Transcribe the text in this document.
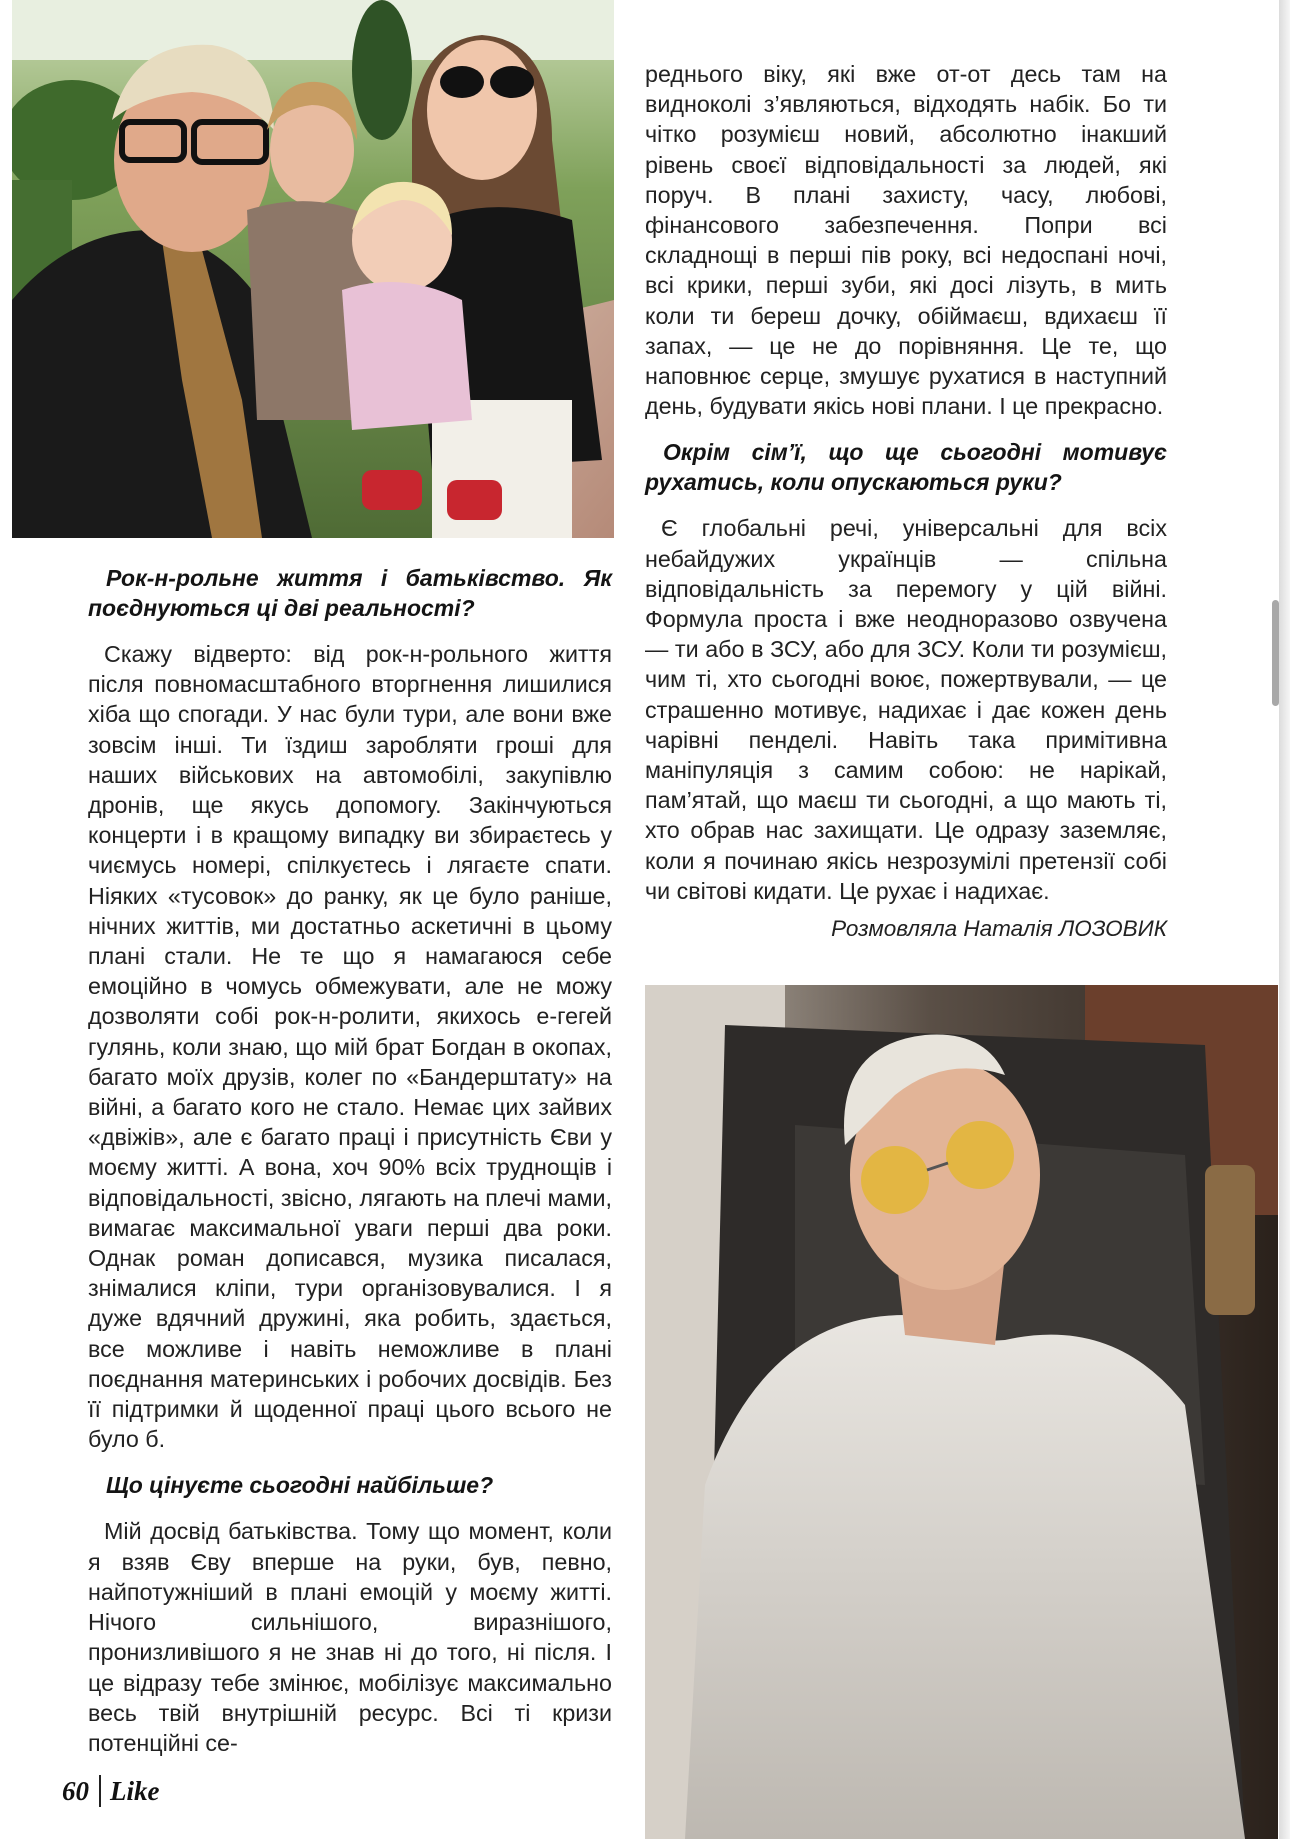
Рок-н-рольне життя і батьківство. Як поєднуються ці дві реальності?

Скажу відверто: від рок-н-рольного життя після повномасштабного вторгнення лишилися хіба що спогади. У нас були тури, але вони вже зовсім інші. Ти їздиш заробляти гроші для наших військових на автомобілі, закупівлю дронів, ще якусь допомогу. Закінчуються концерти і в кращому випадку ви збираєтесь у чиємусь номері, спілкуєтесь і лягаєте спати. Ніяких «тусовок» до ранку, як це було раніше, нічних життів, ми достатньо аскетичні в цьому плані стали. Не те що я намагаюся себе емоційно в чомусь обмежувати, але не можу дозволяти собі рок-н-ролити, якихось е-гегей гулянь, коли знаю, що мій брат Богдан в окопах, багато моїх друзів, колег по «Бандерштату» на війні, а багато кого не стало. Немає цих зайвих «двіжів», але є багато праці і присутність Єви у моєму житті. А вона, хоч 90% всіх труднощів і відповідальності, звісно, лягають на плечі мами, вимагає максимальної уваги перші два роки. Однак роман дописався, музика писалася, знімалися кліпи, тури організовувалися. І я дуже вдячний дружині, яка робить, здається, все можливе і навіть неможливе в плані поєднання материнських і робочих досвідів. Без її підтримки й щоденної праці цього всього не було б.

Що цінуєте сьогодні найбільше?

Мій досвід батьківства. Тому що момент, коли я взяв Єву вперше на руки, був, певно, найпотужніший в плані емоцій у моєму житті. Нічого сильнішого, виразнішого, пронизливішого я не знав ні до того, ні після. І це відразу тебе змінює, мобілізує максимально весь твій внутрішній ресурс. Всі ті кризи потенційні се-

реднього віку, які вже от-от десь там на видноколі з’являються, відходять набік. Бо ти чітко розумієш новий, абсолютно інакший рівень своєї відповідальності за людей, які поруч. В плані захисту, часу, любові, фінансового забезпечення. Попри всі складнощі в перші пів року, всі недоспані ночі, всі крики, перші зуби, які досі лізуть, в мить коли ти береш дочку, обіймаєш, вдихаєш її запах, — це не до порівняння. Це те, що наповнює серце, змушує рухатися в наступний день, будувати якісь нові плани. І це прекрасно.

Окрім сім’ї, що ще сьогодні мотивує рухатись, коли опускаються руки?

Є глобальні речі, універсальні для всіх небайдужих українців — спільна відповідальність за перемогу у цій війні. Формула проста і вже неодноразово озвучена — ти або в ЗСУ, або для ЗСУ. Коли ти розумієш, чим ті, хто сьогодні воює, пожертвували, — це страшенно мотивує, надихає і дає кожен день чарівні пенделі. Навіть така примітивна маніпуляція з самим собою: не нарікай, пам’ятай, що маєш ти сьогодні, а що мають ті, хто обрав нас захищати. Це одразу заземляє, коли я починаю якісь незрозумілі претензії собі чи світові кидати. Це рухає і надихає.

Розмовляла Наталія ЛОЗОВИК

60 Like
